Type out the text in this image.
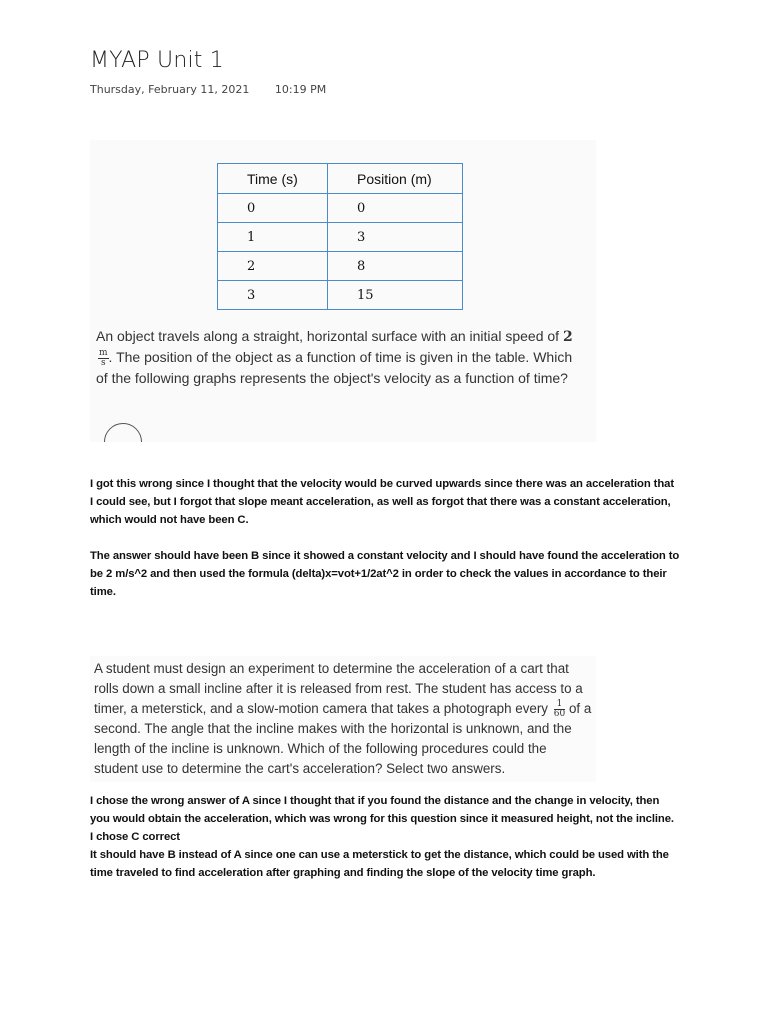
MYAP Unit 1
Thursday, February 11, 2021 10:19 PM
Time (s)	Position (m)
0	0
1	3
2	8
3	15
An object travels along a straight, horizontal surface with an initial speed of 2
$\frac{m}{s}$ . The position of the object as a function of time is given in the table. Which of the following graphs represents the object's velocity as a function of time?

I got this wrong since I thought that the velocity would be curved upwards since there was an acceleration that I could see, but I forgot that slope meant acceleration, as well as forgot that there was a constant acceleration, which would not have been C.

The answer should have been B since it showed a constant velocity and I should have found the acceleration to be 2 m/s^2 and then used the formula (delta)x=vot+1/2at^2 in order to check the values in accordance to their time.

A student must design an experiment to determine the acceleration of a cart that rolls down a small incline after it is released from rest. The student has access to a timer, a meterstick, and a slow-motion camera that takes a photograph every $\frac{1}{60}$ of a second. The angle that the incline makes with the horizontal is unknown, and the length of the incline is unknown. Which of the following procedures could the student use to determine the cart's acceleration? Select two answers.

I chose the wrong answer of A since I thought that if you found the distance and the change in velocity, then you would obtain the acceleration, which was wrong for this question since it measured height, not the incline.

I chose C correct

It should have B instead of A since one can use a meterstick to get the distance, which could be used with the time traveled to find acceleration after graphing and finding the slope of the velocity time graph.
